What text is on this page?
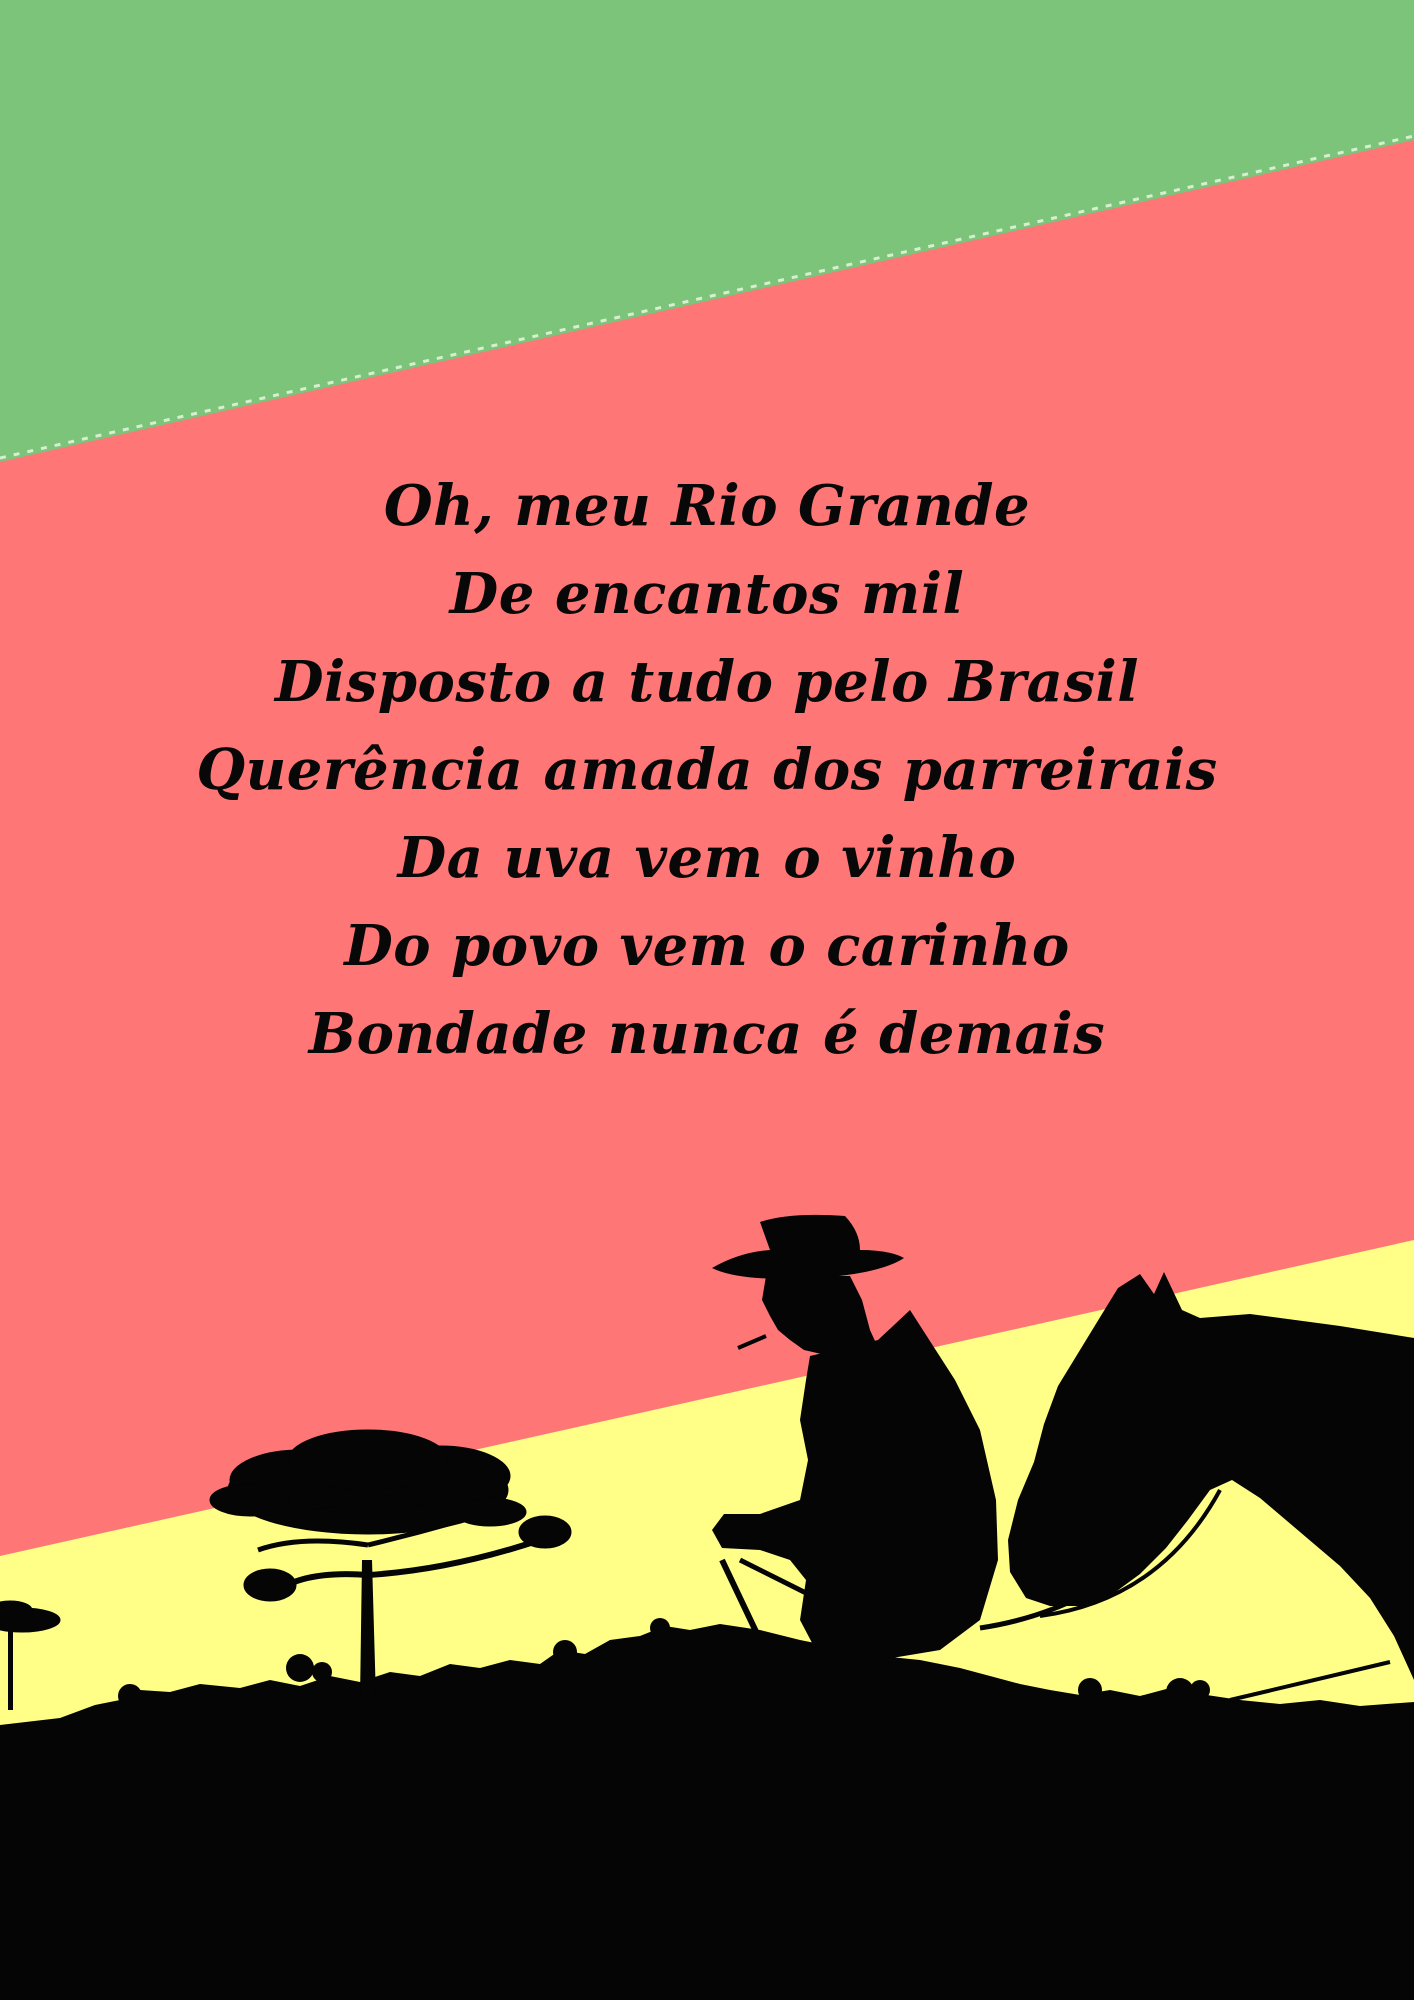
Oh, meu Rio Grande
De encantos mil
Disposto a tudo pelo Brasil
Querência amada dos parreirais
Da uva vem o vinho
Do povo vem o carinho
Bondade nunca é demais
